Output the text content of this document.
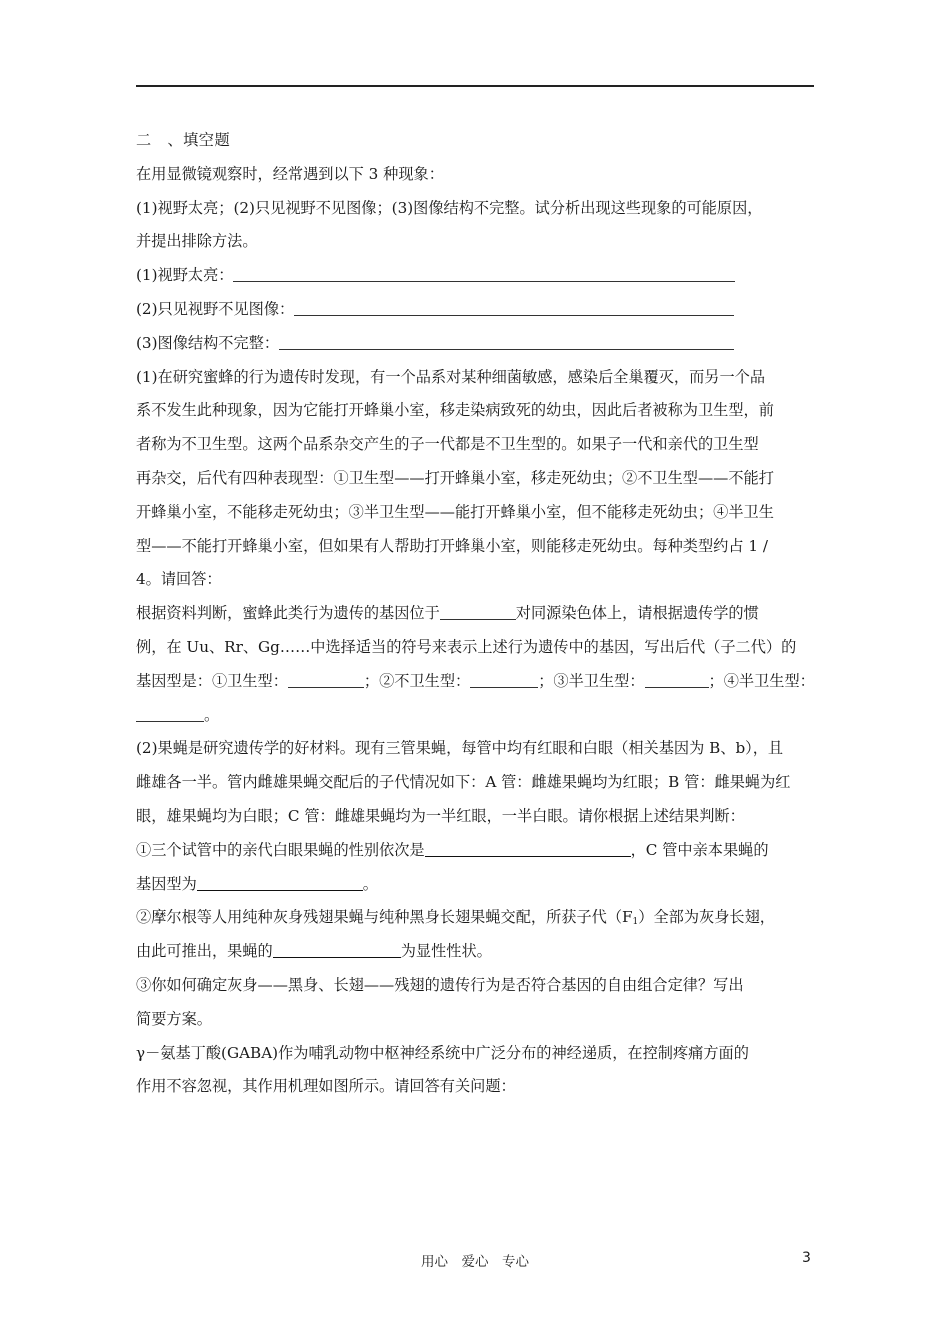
二　、填空题
在用显微镜观察时，经常遇到以下 3 种现象：
(1)视野太亮；(2)只见视野不见图像；(3)图像结构不完整。试分析出现这些现象的可能原因，
并提出排除方法。
(1)视野太亮：
(2)只见视野不见图像：
(3)图像结构不完整：
(1)在研究蜜蜂的行为遗传时发现，有一个品系对某种细菌敏感，感染后全巢覆灭，而另一个品
系不发生此种现象，因为它能打开蜂巢小室，移走染病致死的幼虫，因此后者被称为卫生型，前
者称为不卫生型。这两个品系杂交产生的子一代都是不卫生型的。如果子一代和亲代的卫生型
再杂交，后代有四种表现型：①卫生型——打开蜂巢小室，移走死幼虫；②不卫生型——不能打
开蜂巢小室，不能移走死幼虫；③半卫生型——能打开蜂巢小室，但不能移走死幼虫；④半卫生
型——不能打开蜂巢小室，但如果有人帮助打开蜂巢小室，则能移走死幼虫。每种类型约占 1 /
4。请回答：
根据资料判断，蜜蜂此类行为遗传的基因位于	对同源染色体上，请根据遗传学的惯
例，在 Uu、Rr、Gg……中选择适当的符号来表示上述行为遗传中的基因，写出后代（子二代）的
基因型是：①卫生型：	；②不卫生型：	；③半卫生型：	；④半卫生型：
。
(2)果蝇是研究遗传学的好材料。现有三管果蝇，每管中均有红眼和白眼（相关基因为 B、b），且
雌雄各一半。管内雌雄果蝇交配后的子代情况如下：A 管：雌雄果蝇均为红眼；B 管：雌果蝇为红
眼，雄果蝇均为白眼；C 管：雌雄果蝇均为一半红眼，一半白眼。请你根据上述结果判断：
①三个试管中的亲代白眼果蝇的性别依次是	，C 管中亲本果蝇的
基因型为	。
②摩尔根等人用纯种灰身残翅果蝇与纯种黑身长翅果蝇交配，所获子代$(F_1)$全部为灰身长翅，
由此可推出，果蝇的	为显性性状。
③你如何确定灰身——黑身、长翅——残翅的遗传行为是否符合基因的自由组合定律？写出
简要方案。
γ－氨基丁酸(GABA)作为哺乳动物中枢神经系统中广泛分布的神经递质，在控制疼痛方面的
作用不容忽视，其作用机理如图所示。请回答有关问题：
用心　爱心　专心	3
